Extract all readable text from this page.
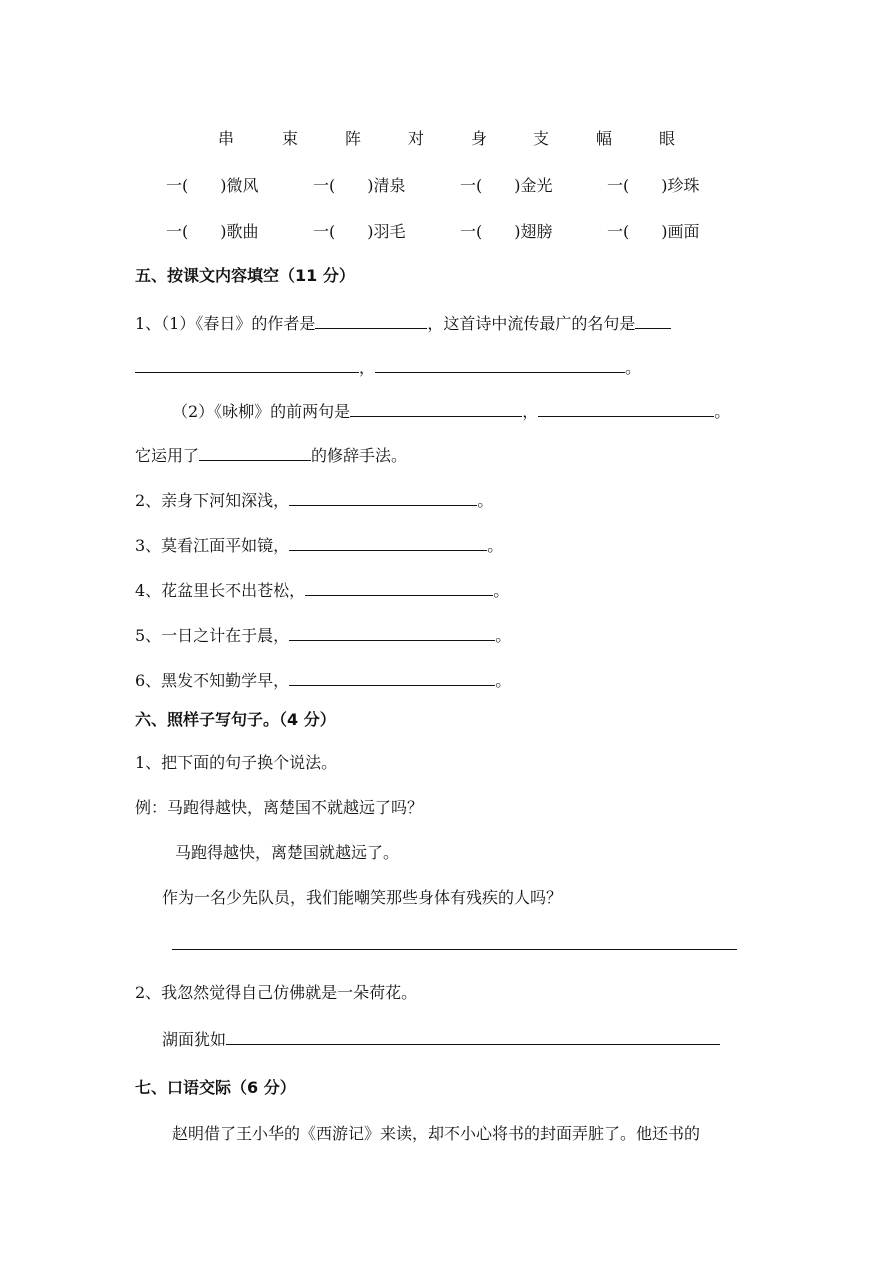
串	束	阵	对	身	支	幅	眼
一(　　)微风	一(　　)清泉	一(　　)金光	一(　　)珍珠
一(　　)歌曲	一(　　)羽毛	一(　　)翅膀	一(　　)画面
五、按课文内容填空（11 分）
1、（1）《春日》的作者是	，这首诗中流传最广的名句是
，	。
（2）《咏柳》的前两句是	，	。
它运用了	的修辞手法。
2、亲身下河知深浅，	。
3、莫看江面平如镜，	。
4、花盆里长不出苍松，	。
5、一日之计在于晨，	。
6、黑发不知勤学早，	。
六、照样子写句子。（4 分）
1、把下面的句子换个说法。
例：马跑得越快，离楚国不就越远了吗？
马跑得越快，离楚国就越远了。
作为一名少先队员，我们能嘲笑那些身体有残疾的人吗？
2、我忽然觉得自己仿佛就是一朵荷花。
湖面犹如
七、口语交际（6 分）
赵明借了王小华的《西游记》来读，却不小心将书的封面弄脏了。他还书的
